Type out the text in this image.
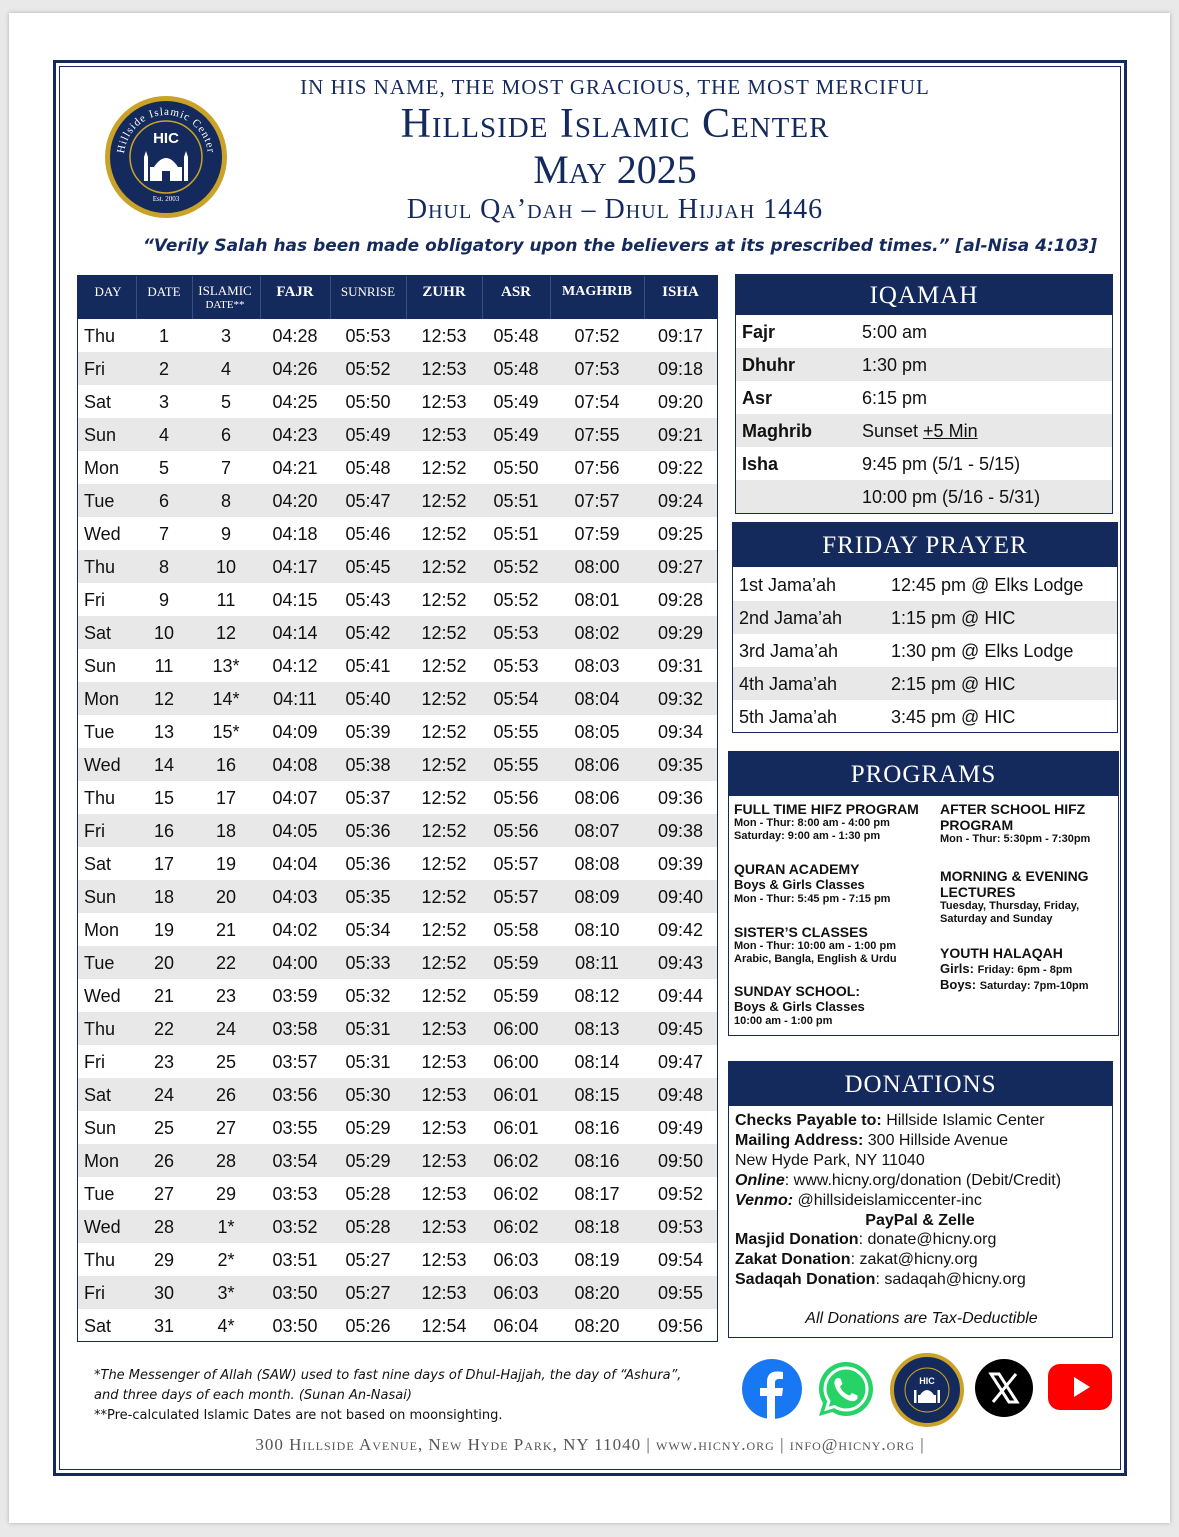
Hillside Islamic Center
HIC
Est. 2003
IN HIS NAME, THE MOST GRACIOUS, THE MOST MERCIFUL
Hillside Islamic Center
May 2025
Dhul Qa’dah – Dhul Hijjah 1446
“Verily Salah has been made obligatory upon the believers at its prescribed times.” [al-Nisa 4:103]
DAY	DATE	ISLAMIC
DATE**
FAJR	SUNRISE	ZUHR	ASR	MAGHRIB	ISHA
Thu	1	3	04:28	05:53	12:53	05:48	07:52	09:17
Fri	2	4	04:26	05:52	12:53	05:48	07:53	09:18
Sat	3	5	04:25	05:50	12:53	05:49	07:54	09:20
Sun	4	6	04:23	05:49	12:53	05:49	07:55	09:21
Mon	5	7	04:21	05:48	12:52	05:50	07:56	09:22
Tue	6	8	04:20	05:47	12:52	05:51	07:57	09:24
Wed	7	9	04:18	05:46	12:52	05:51	07:59	09:25
Thu	8	10	04:17	05:45	12:52	05:52	08:00	09:27
Fri	9	11	04:15	05:43	12:52	05:52	08:01	09:28
Sat	10	12	04:14	05:42	12:52	05:53	08:02	09:29
Sun	11	13*	04:12	05:41	12:52	05:53	08:03	09:31
Mon	12	14*	04:11	05:40	12:52	05:54	08:04	09:32
Tue	13	15*	04:09	05:39	12:52	05:55	08:05	09:34
Wed	14	16	04:08	05:38	12:52	05:55	08:06	09:35
Thu	15	17	04:07	05:37	12:52	05:56	08:06	09:36
Fri	16	18	04:05	05:36	12:52	05:56	08:07	09:38
Sat	17	19	04:04	05:36	12:52	05:57	08:08	09:39
Sun	18	20	04:03	05:35	12:52	05:57	08:09	09:40
Mon	19	21	04:02	05:34	12:52	05:58	08:10	09:42
Tue	20	22	04:00	05:33	12:52	05:59	08:11	09:43
Wed	21	23	03:59	05:32	12:52	05:59	08:12	09:44
Thu	22	24	03:58	05:31	12:53	06:00	08:13	09:45
Fri	23	25	03:57	05:31	12:53	06:00	08:14	09:47
Sat	24	26	03:56	05:30	12:53	06:01	08:15	09:48
Sun	25	27	03:55	05:29	12:53	06:01	08:16	09:49
Mon	26	28	03:54	05:29	12:53	06:02	08:16	09:50
Tue	27	29	03:53	05:28	12:53	06:02	08:17	09:52
Wed	28	1*	03:52	05:28	12:53	06:02	08:18	09:53
Thu	29	2*	03:51	05:27	12:53	06:03	08:19	09:54
Fri	30	3*	03:50	05:27	12:53	06:03	08:20	09:55
Sat	31	4*	03:50	05:26	12:54	06:04	08:20	09:56
IQAMAH
Fajr	5:00 am
Dhuhr	1:30 pm
Asr	6:15 pm
Maghrib	Sunset +5 Min
Isha	9:45 pm (5/1 - 5/15)
10:00 pm (5/16 - 5/31)
FRIDAY PRAYER
1st Jama’ah	12:45 pm @ Elks Lodge
2nd Jama’ah	1:15 pm @ HIC
3rd Jama’ah	1:30 pm @ Elks Lodge
4th Jama’ah	2:15 pm @ HIC
5th Jama’ah	3:45 pm @ HIC
PROGRAMS
FULL TIME HIFZ PROGRAM
Mon - Thur: 8:00 am - 4:00 pm
Saturday: 9:00 am - 1:30 pm
QURAN ACADEMY
Boys & Girls Classes
Mon - Thur: 5:45 pm - 7:15 pm
SISTER’S CLASSES
Mon - Thur: 10:00 am - 1:00 pm
Arabic, Bangla, English & Urdu
SUNDAY SCHOOL:
Boys & Girls Classes
10:00 am - 1:00 pm
AFTER SCHOOL HIFZ
PROGRAM
Mon - Thur: 5:30pm - 7:30pm
MORNING & EVENING
LECTURES
Tuesday, Thursday, Friday,
Saturday and Sunday
YOUTH HALAQAH
Girls: Friday: 6pm - 8pm
Boys: Saturday: 7pm-10pm
DONATIONS
Checks Payable to: Hillside Islamic Center
Mailing Address: 300 Hillside Avenue
New Hyde Park, NY 11040
Online: www.hicny.org/donation (Debit/Credit)
Venmo: @hillsideislamiccenter-inc
PayPal & Zelle
Masjid Donation: donate@hicny.org
Zakat Donation: zakat@hicny.org
Sadaqah Donation: sadaqah@hicny.org
All Donations are Tax-Deductible
*The Messenger of Allah (SAW) used to fast nine days of Dhul-Hajjah, the day of “Ashura”,
and three days of each month. (Sunan An-Nasai)
**Pre-calculated Islamic Dates are not based on moonsighting.
300 Hillside Avenue, New Hyde Park, NY 11040 | www.hicny.org | info@hicny.org |
HIC
